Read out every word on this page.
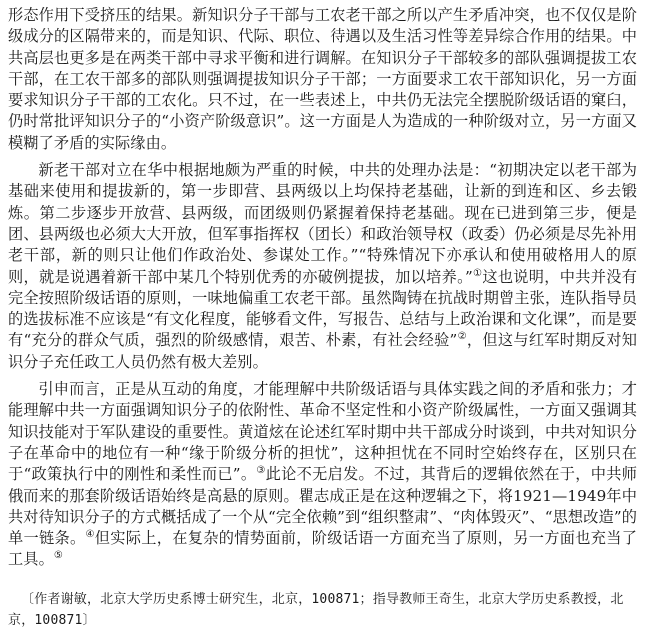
形态作用下受挤压的结果。新知识分子干部与工农老干部之所以产生矛盾冲突，也不仅仅是阶级成分的区隔带来的，而是知识、代际、职位、待遇以及生活习性等差异综合作用的结果。中共高层也更多是在两类干部中寻求平衡和进行调解。在知识分子干部较多的部队强调提拔工农干部，在工农干部多的部队则强调提拔知识分子干部；一方面要求工农干部知识化，另一方面要求知识分子干部的工农化。只不过，在一些表述上，中共仍无法完全摆脱阶级话语的窠臼，仍时常批评知识分子的“小资产阶级意识”。这一方面是人为造成的一种阶级对立，另一方面又模糊了矛盾的实际缘由。

新老干部对立在华中根据地颇为严重的时候，中共的处理办法是：“初期决定以老干部为基础来使用和提拔新的，第一步即营、县两级以上均保持老基础，让新的到连和区、乡去锻炼。第二步逐步开放营、县两级，而团级则仍紧握着保持老基础。现在已进到第三步，便是团、县两级也必须大大开放，但军事指挥权（团长）和政治领导权（政委）仍必须是尽先补用老干部，新的则只让他们作政治处、参谋处工作。”“特殊情况下亦承认和使用破格用人的原则，就是说遇着新干部中某几个特别优秀的亦破例提拔，加以培养。”①这也说明，中共并没有完全按照阶级话语的原则，一味地偏重工农老干部。虽然陶铸在抗战时期曾主张，连队指导员的选拔标准不应该是“有文化程度，能够看文件，写报告、总结与上政治课和文化课”，而是要有“充分的群众气质，强烈的阶级感情，艰苦、朴素，有社会经验”②，但这与红军时期反对知识分子充任政工人员仍然有极大差别。

引申而言，正是从互动的角度，才能理解中共阶级话语与具体实践之间的矛盾和张力；才能理解中共一方面强调知识分子的依附性、革命不坚定性和小资产阶级属性，一方面又强调其知识技能对于军队建设的重要性。黄道炫在论述红军时期中共干部成分时谈到，中共对知识分子在革命中的地位有一种“缘于阶级分析的担忧”，这种担忧在不同时空始终存在，区别只在于“政策执行中的刚性和柔性而已”。③此论不无启发。不过，其背后的逻辑依然在于，中共师俄而来的那套阶级话语始终是高悬的原则。瞿志成正是在这种逻辑之下，将1921—1949年中共对待知识分子的方式概括成了一个从“完全依赖”到“组织整肃”、“肉体毁灭”、“思想改造”的单一链条。④但实际上，在复杂的情势面前，阶级话语一方面充当了原则，另一方面也充当了工具。⑤

〔作者谢敏，北京大学历史系博士研究生，北京，100871；指导教师王奇生，北京大学历史系教授，北京，100871〕
